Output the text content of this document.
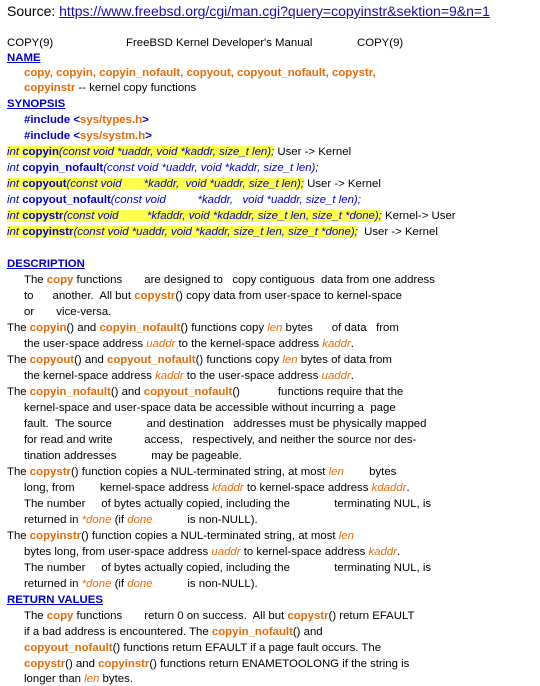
Source: https://www.freebsd.org/cgi/man.cgi?query=copyinstr&sektion=9&n=1
COPY(9)	FreeBSD Kernel Developer's Manual	COPY(9)
NAME
copy, copyin, copyin_nofault, copyout, copyout_nofault, copystr,
copyinstr -- kernel copy functions
SYNOPSIS
#include <sys/types.h>
#include <sys/systm.h>
int copyin(const void *uaddr, void *kaddr, size_t len); User -> Kernel
int copyin_nofault(const void *uaddr, void *kaddr, size_t len);
int copyout(const void       *kaddr,  void *uaddr, size_t len); User -> Kernel
int copyout_nofault(const void          *kaddr,   void *uaddr, size_t len);
int copystr(const void         *kfaddr, void *kdaddr, size_t len, size_t *done); Kernel-> User
int copyinstr(const void *uaddr, void *kaddr, size_t len, size_t *done);  User -> Kernel
DESCRIPTION
The copy functions       are designed to   copy contiguous  data from one address
to      another.  All but copystr() copy data from user-space to kernel-space
or       vice-versa.
The copyin() and copyin_nofault() functions copy len bytes      of data   from
the user-space address uaddr to the kernel-space address kaddr.
The copyout() and copyout_nofault() functions copy len bytes of data from
the kernel-space address kaddr to the user-space address uaddr.
The copyin_nofault() and copyout_nofault()            functions require that the
kernel-space and user-space data be accessible without incurring a  page
fault.  The source           and destination   addresses must be physically mapped
for read and write          access,   respectively, and neither the source nor des-
tination addresses           may be pageable.
The copystr() function copies a NUL-terminated string, at most len        bytes
long, from        kernel-space address kfaddr to kernel-space address kdaddr.
The number     of bytes actually copied, including the              terminating NUL, is
returned in *done (if done           is non-NULL).
The copyinstr() function copies a NUL-terminated string, at most len
bytes long, from user-space address uaddr to kernel-space address kaddr.
The number     of bytes actually copied, including the              terminating NUL, is
returned in *done (if done           is non-NULL).
RETURN VALUES
The copy functions       return 0 on success.  All but copystr() return EFAULT
if a bad address is encountered. The copyin_nofault() and
copyout_nofault() functions return EFAULT if a page fault occurs. The
copystr() and copyinstr() functions return ENAMETOOLONG if the string is
longer than len bytes.
